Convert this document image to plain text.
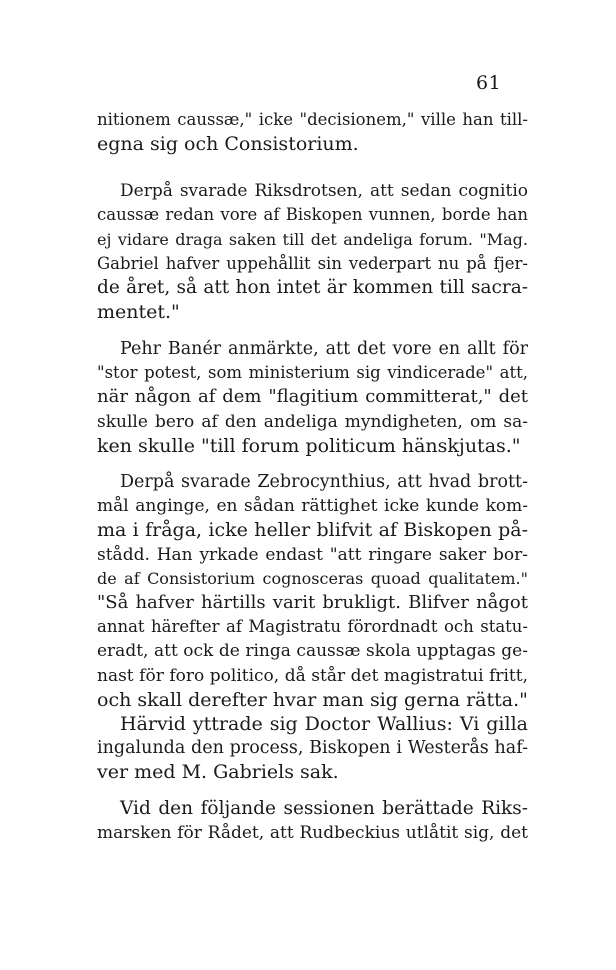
61
nitionem caussæ," icke "decisionem," ville han till-
egna sig och Consistorium.
Derpå svarade Riksdrotsen, att sedan cognitio
caussæ redan vore af Biskopen vunnen, borde han
ej vidare draga saken till det andeliga forum. "Mag.
Gabriel hafver uppehållit sin vederpart nu på fjer-
de året, så att hon intet är kommen till sacra-
mentet."
Pehr Banér anmärkte, att det vore en allt för
"stor potest, som ministerium sig vindicerade" att,
när någon af dem "flagitium committerat," det
skulle bero af den andeliga myndigheten, om sa-
ken skulle "till forum politicum hänskjutas."
Derpå svarade Zebrocynthius, att hvad brott-
mål anginge, en sådan rättighet icke kunde kom-
ma i fråga, icke heller blifvit af Biskopen på-
stådd. Han yrkade endast "att ringare saker bor-
de af Consistorium cognosceras quoad qualitatem."
"Så hafver härtills varit brukligt. Blifver något
annat härefter af Magistratu förordnadt och statu-
eradt, att ock de ringa caussæ skola upptagas ge-
nast för foro politico, då står det magistratui fritt,
och skall derefter hvar man sig gerna rätta."
Härvid yttrade sig Doctor Wallius: Vi gilla
ingalunda den process, Biskopen i Westerås haf-
ver med M. Gabriels sak.
Vid den följande sessionen berättade Riks-
marsken för Rådet, att Rudbeckius utlåtit sig, det
